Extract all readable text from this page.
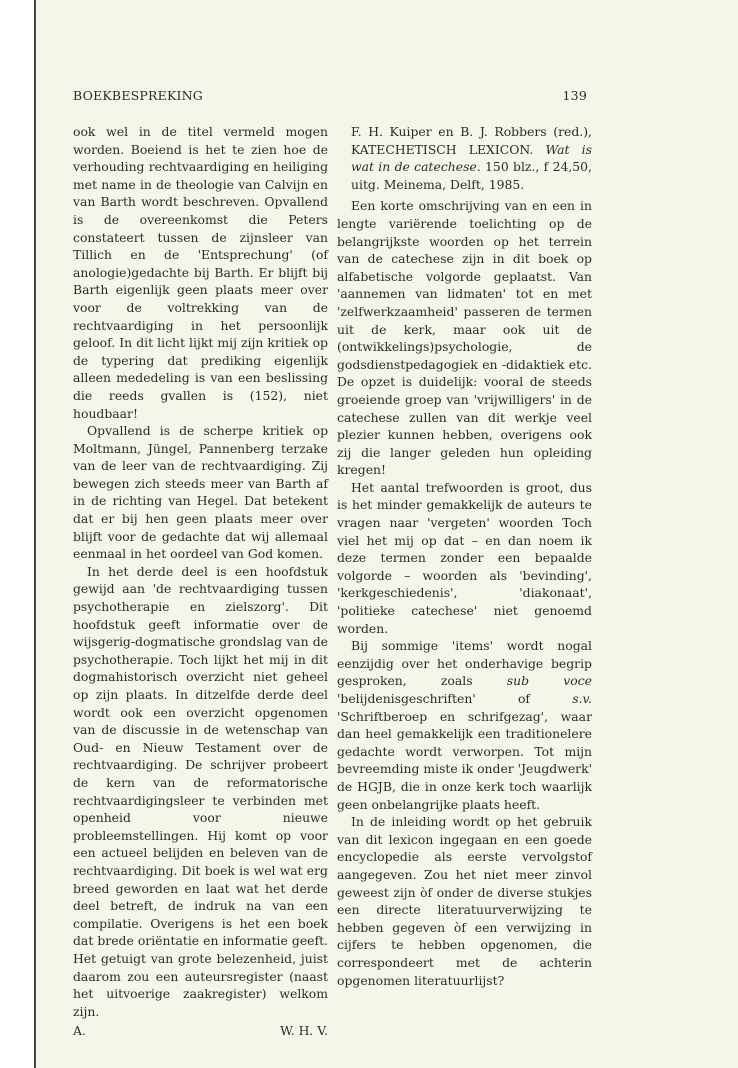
BOEKBESPREKING	139

ook wel in de titel vermeld mogen worden. Boeiend is het te zien hoe de verhouding rechtvaardiging en heiliging met name in de theologie van Calvijn en van Barth wordt beschreven. Opvallend is de overeenkomst die Peters constateert tussen de zijnsleer van Tillich en de 'Entsprechung' (of anologie)gedachte bij Barth. Er blijft bij Barth eigenlijk geen plaats meer over voor de voltrekking van de rechtvaardiging in het persoonlijk geloof. In dit licht lijkt mij zijn kritiek op de typering dat prediking eigenlijk alleen mededeling is van een beslissing die reeds gvallen is (152), niet houdbaar!

Opvallend is de scherpe kritiek op Moltmann, Jüngel, Pannenberg terzake van de leer van de rechtvaardiging. Zij bewegen zich steeds meer van Barth af in de richting van Hegel. Dat betekent dat er bij hen geen plaats meer over blijft voor de gedachte dat wij allemaal eenmaal in het oordeel van God komen.

In het derde deel is een hoofdstuk gewijd aan 'de rechtvaardiging tussen psychotherapie en zielszorg'. Dit hoofdstuk geeft informatie over de wijsgerig-dogmatische grondslag van de psychotherapie. Toch lijkt het mij in dit dogmahistorisch overzicht niet geheel op zijn plaats. In ditzelfde derde deel wordt ook een overzicht opgenomen van de discussie in de wetenschap van Oud- en Nieuw Testament over de rechtvaardiging. De schrijver probeert de kern van de reformatorische rechtvaardigingsleer te verbinden met openheid voor nieuwe probleemstellingen. Hij komt op voor een actueel belijden en beleven van de rechtvaardiging. Dit boek is wel wat erg breed geworden en laat wat het derde deel betreft, de indruk na van een compilatie. Overigens is het een boek dat brede oriëntatie en informatie geeft. Het getuigt van grote belezenheid, juist daarom zou een auteursregister (naast het uitvoerige zaakregister) welkom zijn.

A.	W. H. V.

F. H. Kuiper en B. J. Robbers (red.), KATECHETISCH LEXICON. Wat is wat in de catechese. 150 blz., f 24,50, uitg. Meinema, Delft, 1985.

Een korte omschrijving van en een in lengte variërende toelichting op de belangrijkste woorden op het terrein van de catechese zijn in dit boek op alfabetische volgorde geplaatst. Van 'aannemen van lidmaten' tot en met 'zelfwerkzaamheid' passeren de termen uit de kerk, maar ook uit de (ontwikkelings)psychologie, de godsdienstpedagogiek en -didaktiek etc. De opzet is duidelijk: vooral de steeds groeiende groep van 'vrijwilligers' in de catechese zullen van dit werkje veel plezier kunnen hebben, overigens ook zij die langer geleden hun opleiding kregen!

Het aantal trefwoorden is groot, dus is het minder gemakkelijk de auteurs te vragen naar 'vergeten' woorden Toch viel het mij op dat – en dan noem ik deze termen zonder een bepaalde volgorde – woorden als 'bevinding', 'kerkgeschiedenis', 'diakonaat', 'politieke catechese' niet genoemd worden.

Bij sommige 'items' wordt nogal eenzijdig over het onderhavige begrip gesproken, zoals	sub voce 'belijdenisgeschriften' of	s.v. 'Schriftberoep en schrifgezag', waar dan heel gemakkelijk een traditionelere gedachte wordt verworpen. Tot mijn bevreemding miste ik onder 'Jeugdwerk' de HGJB, die in onze kerk toch waarlijk geen onbelangrijke plaats heeft.

In de inleiding wordt op het gebruik van dit lexicon ingegaan en een goede encyclopedie als eerste vervolgstof aangegeven. Zou het niet meer zinvol geweest zijn òf onder de diverse stukjes een directe literatuurverwijzing te hebben gegeven òf een verwijzing in cijfers te hebben opgenomen, die correspondeert met de achterin opgenomen literatuurlijst?
